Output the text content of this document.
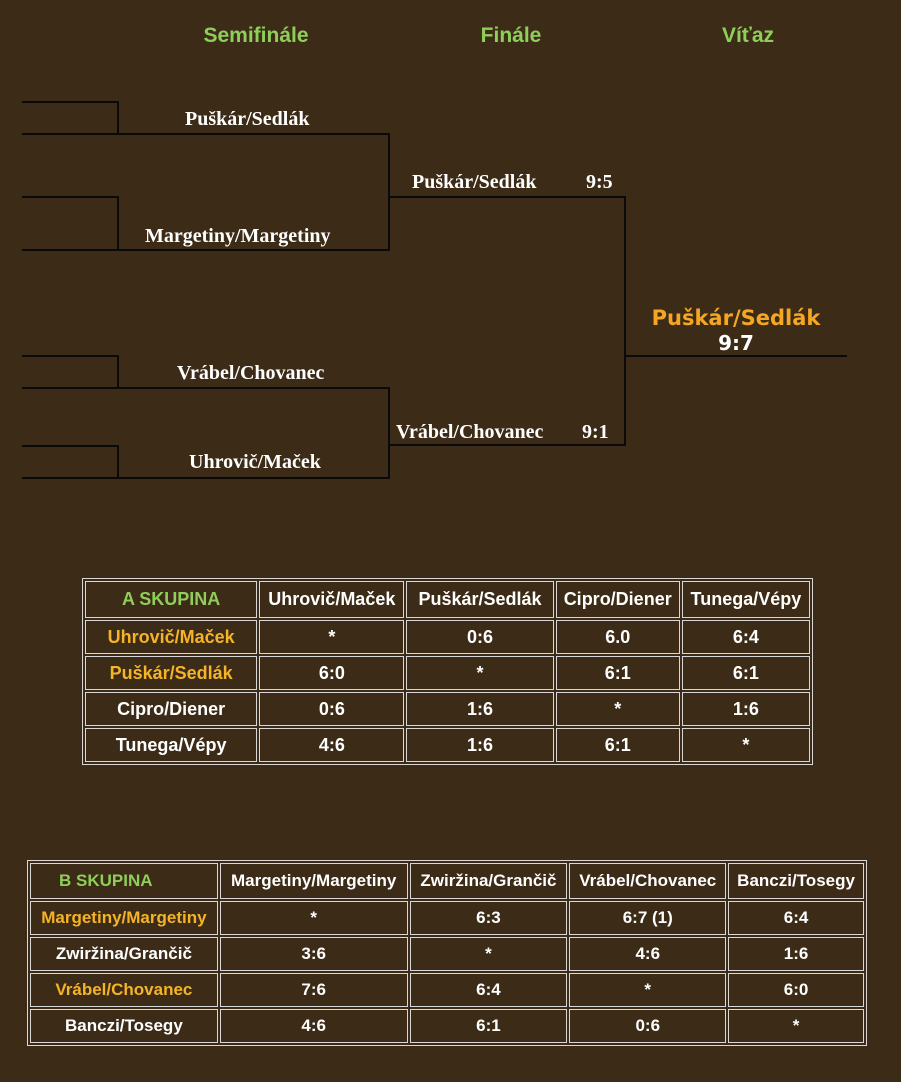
Semifinále	Finále	Víťaz
Puškár/Sedlák
Margetiny/Margetiny
Vrábel/Chovanec
Uhrovič/Maček
Puškár/Sedlák 9:5
Vrábel/Chovanec 9:1
Puškár/Sedlák
9:7
A SKUPINA	Uhrovič/Maček	Puškár/Sedlák	Cipro/Diener	Tunega/Vépy
Uhrovič/Maček	*	0:6	6.0	6:4
Puškár/Sedlák	6:0	*	6:1	6:1
Cipro/Diener	0:6	1:6	*	1:6
Tunega/Vépy	4:6	1:6	6:1	*
B SKUPINA	Margetiny/Margetiny	Zwiržina/Grančič	Vrábel/Chovanec	Banczi/Tosegy
Margetiny/Margetiny	*	6:3	6:7 (1)	6:4
Zwiržina/Grančič	3:6	*	4:6	1:6
Vrábel/Chovanec	7:6	6:4	*	6:0
Banczi/Tosegy	4:6	6:1	0:6	*
